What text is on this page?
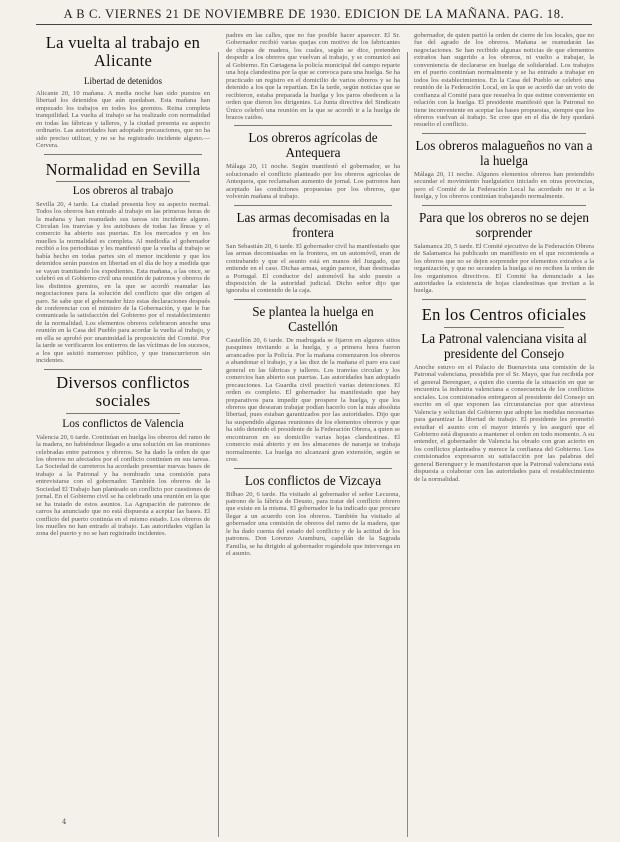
A B C. VIERNES 21 DE NOVIEMBRE DE 1930. EDICION DE LA MAÑANA. PAG. 18.
La vuelta al trabajo en Alicante
Libertad de detenidos

Alicante 20, 10 mañana. A media noche han sido puestos en libertad los detenidos que aún quedaban. Esta mañana han empezado los trabajos en todos los gremios. Reina completa tranquilidad. La vuelta al trabajo se ha realizado con normalidad en todas las fábricas y talleres, y la ciudad presenta su aspecto ordinario. Las autoridades han adoptado precauciones, que no ha sido preciso utilizar, y no se ha registrado incidente alguno.—Cervera.

Normalidad en Sevilla
Los obreros al trabajo

Sevilla 20, 4 tarde. La ciudad presenta hoy su aspecto normal. Todos los obreros han entrado al trabajo en las primeras horas de la mañana y han reanudado sus tareas sin incidente alguno. Circulan los tranvías y los autobuses de todas las líneas y el comercio ha abierto sus puertas. En los mercados y en los muelles la normalidad es completa. Al mediodía el gobernador recibió a los periodistas y les manifestó que la vuelta al trabajo se había hecho en todas partes sin el menor incidente y que los detenidos serán puestos en libertad en el día de hoy a medida que se vayan tramitando los expedientes. Esta mañana, a las once, se celebró en el Gobierno civil una reunión de patronos y obreros de los distintos gremios, en la que se acordó reanudar las negociaciones para la solución del conflicto que dio origen al paro. Se sabe que el gobernador hizo estas declaraciones después de conferenciar con el ministro de la Gobernación, y que le fue comunicada la satisfacción del Gobierno por el restablecimiento de la normalidad. Los elementos obreros celebraron anoche una reunión en la Casa del Pueblo para acordar la vuelta al trabajo, y en ella se aprobó por unanimidad la proposición del Comité. Por la tarde se verificaron los entierros de las víctimas de los sucesos, a los que asistió numeroso público, y que transcurrieron sin incidentes.

Diversos conflictos sociales
Los conflictos de Valencia

Valencia 20, 6 tarde. Continúan en huelga los obreros del ramo de la madera, no habiéndose llegado a una solución en las reuniones celebradas entre patronos y obreros. Se ha dado la orden de que los obreros no afectados por el conflicto continúen en sus tareas. La Sociedad de carreteros ha acordado presentar nuevas bases de trabajo a la Patronal y ha nombrado una comisión para entrevistarse con el gobernador. También los obreros de la Sociedad El Trabajo han planteado un conflicto por cuestiones de jornal. En el Gobierno civil se ha celebrado una reunión en la que se ha tratado de estos asuntos. La Agrupación de patronos de carros ha anunciado que no está dispuesta a aceptar las bases. El conflicto del puerto continúa en el mismo estado. Los obreros de los muelles no han entrado al trabajo. Las autoridades vigilan la zona del puerto y no se han registrado incidentes.

padres en las calles, que no fue posible hacer aparecer. El Sr. Gobernador recibió varias quejas con motivo de los fabricantes de chapas de madera, los cuales, según se dice, pretenden despedir a los obreros que vuelvan al trabajo, y se comunicó así al Gobierno. En Cartagena la policía municipal del campo reparte una hoja clandestina por la que se convoca para una huelga. Se ha practicado un registro en el domicilio de varios obreros y se ha detenido a los que la repartían. En la tarde, según noticias que se recibieron, estaba preparada la huelga y los paros obedecen a la orden que dieron los dirigentes. La Junta directiva del Sindicato Único celebró una reunión en la que se acordó ir a la huelga de brazos caídos.

Los obreros agrícolas de Antequera

Málaga 20, 11 noche. Según manifestó el gobernador, se ha solucionado el conflicto planteado por los obreros agrícolas de Antequera, que reclamaban aumento de jornal. Los patronos han aceptado las condiciones propuestas por los obreros, que volverán mañana al trabajo.

Las armas decomisadas en la frontera

San Sebastián 20, 6 tarde. El gobernador civil ha manifestado que las armas decomisadas en la frontera, en un automóvil, eran de contrabando y que el asunto está en manos del Juzgado, que entiende en el caso. Dichas armas, según parece, iban destinadas a Portugal. El conductor del automóvil ha sido puesto a disposición de la autoridad judicial. Dicho señor dijo que ignoraba el contenido de la caja.

Se plantea la huelga en Castellón

Castellón 20, 6 tarde. De madrugada se fijaron en algunos sitios pasquines invitando a la huelga, y a primera hora fueron arrancados por la Policía. Por la mañana comenzaron los obreros a abandonar el trabajo, y a las diez de la mañana el paro era casi general en las fábricas y talleres. Los tranvías circulan y los comercios han abierto sus puertas. Las autoridades han adoptado precauciones. La Guardia civil practicó varias detenciones. El orden es completo. El gobernador ha manifestado que hay preparativos para impedir que prospere la huelga, y que los obreros que desearan trabajar podían hacerlo con la más absoluta libertad, pues estaban garantizados por las autoridades. Dijo que ha suspendido algunas reuniones de los elementos obreros y que ha sido detenido el presidente de la Federación Obrera, a quien se encontraron en su domicilio varias hojas clandestinas. El comercio está abierto y en los almacenes de naranja se trabaja normalmente. La huelga no alcanzará gran extensión, según se cree.

Los conflictos de Vizcaya

Bilbao 20, 6 tarde. Ha visitado al gobernador el señor Lecuona, patrono de la fábrica de Deusto, para tratar del conflicto obrero que existe en la misma. El gobernador le ha indicado que procure llegar a un acuerdo con los obreros. También ha visitado al gobernador una comisión de obreros del ramo de la madera, que le ha dado cuenta del estado del conflicto y de la actitud de los patronos. Don Lorenzo Aramburu, capellán de la Sagrada Familia, se ha dirigido al gobernador rogándole que intervenga en el asunto.

gobernador, de quien partió la orden de cierre de los locales, que no fue del agrado de los obreros. Mañana se reanudarán las negociaciones. Se han recibido algunas noticias de que elementos extraños han sugerido a los obreros, ni vuelto a trabajar, la conveniencia de declararse en huelga de solidaridad. Los trabajos en el puerto continúan normalmente y se ha entrado a trabajar en todos los establecimientos. En la Casa del Pueblo se celebró una reunión de la Federación Local, en la que se acordó dar un voto de confianza al Comité para que resuelva lo que estime conveniente en relación con la huelga. El presidente manifestó que la Patronal no tiene inconveniente en aceptar las bases propuestas, siempre que los obreros vuelvan al trabajo. Se cree que en el día de hoy quedará resuelto el conflicto.

Los obreros malagueños no van a la huelga

Málaga 20, 11 noche. Algunos elementos obreros han pretendido secundar el movimiento huelguístico iniciado en otras provincias, pero el Comité de la Federación Local ha acordado no ir a la huelga, y los obreros continúan trabajando normalmente.

Para que los obreros no se dejen sorprender

Salamanca 20, 5 tarde. El Comité ejecutivo de la Federación Obrera de Salamanca ha publicado un manifiesto en el que recomienda a los obreros que no se dejen sorprender por elementos extraños a la organización, y que no secunden la huelga si no reciben la orden de los organismos directivos. El Comité ha denunciado a las autoridades la existencia de hojas clandestinas que invitan a la huelga.

En los Centros oficiales
La Patronal valenciana visita al presidente del Consejo

Anoche estuvo en el Palacio de Buenavista una comisión de la Patronal valenciana, presidida por el Sr. Mayo, que fue recibida por el general Berenguer, a quien dio cuenta de la situación en que se encuentra la industria valenciana a consecuencia de los conflictos sociales. Los comisionados entregaron al presidente del Consejo un escrito en el que exponen las circunstancias por que atraviesa Valencia y solicitan del Gobierno que adopte las medidas necesarias para garantizar la libertad de trabajo. El presidente les prometió estudiar el asunto con el mayor interés y les aseguró que el Gobierno está dispuesto a mantener el orden en todo momento. A su entender, el gobernador de Valencia ha obrado con gran acierto en los conflictos planteados y merece la confianza del Gobierno. Los comisionados expresaron su satisfacción por las palabras del general Berenguer y le manifestaron que la Patronal valenciana está dispuesta a colaborar con las autoridades para el restablecimiento de la normalidad.

4
